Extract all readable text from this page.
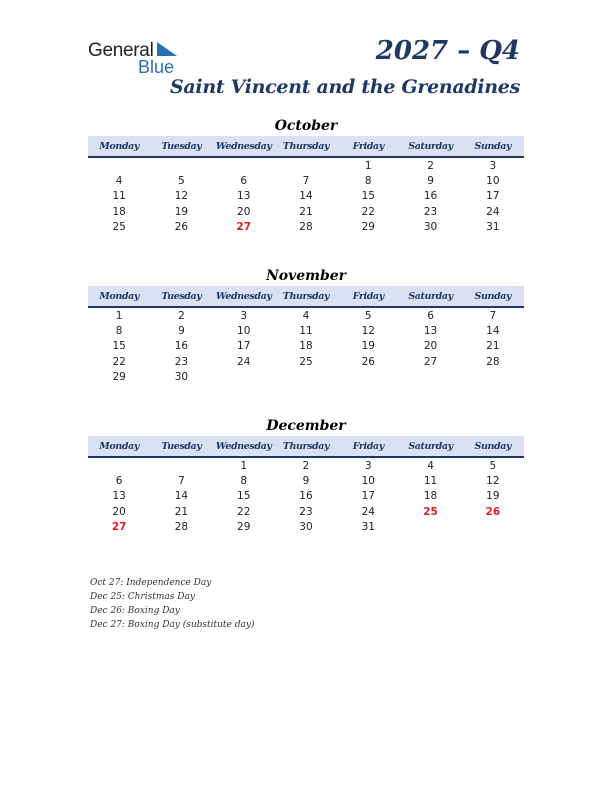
General
Blue
2027 – Q4
Saint Vincent and the Grenadines
October
Monday	Tuesday	Wednesday	Thursday	Friday	Saturday	Sunday
				1	2	3
4	5	6	7	8	9	10
11	12	13	14	15	16	17
18	19	20	21	22	23	24
25	26	27	28	29	30	31
November
Monday	Tuesday	Wednesday	Thursday	Friday	Saturday	Sunday
1	2	3	4	5	6	7
8	9	10	11	12	13	14
15	16	17	18	19	20	21
22	23	24	25	26	27	28
29	30					
December
Monday	Tuesday	Wednesday	Thursday	Friday	Saturday	Sunday
		1	2	3	4	5
6	7	8	9	10	11	12
13	14	15	16	17	18	19
20	21	22	23	24	25	26
27	28	29	30	31		
Oct 27: Independence Day
Dec 25: Christmas Day
Dec 26: Boxing Day
Dec 27: Boxing Day (substitute day)
